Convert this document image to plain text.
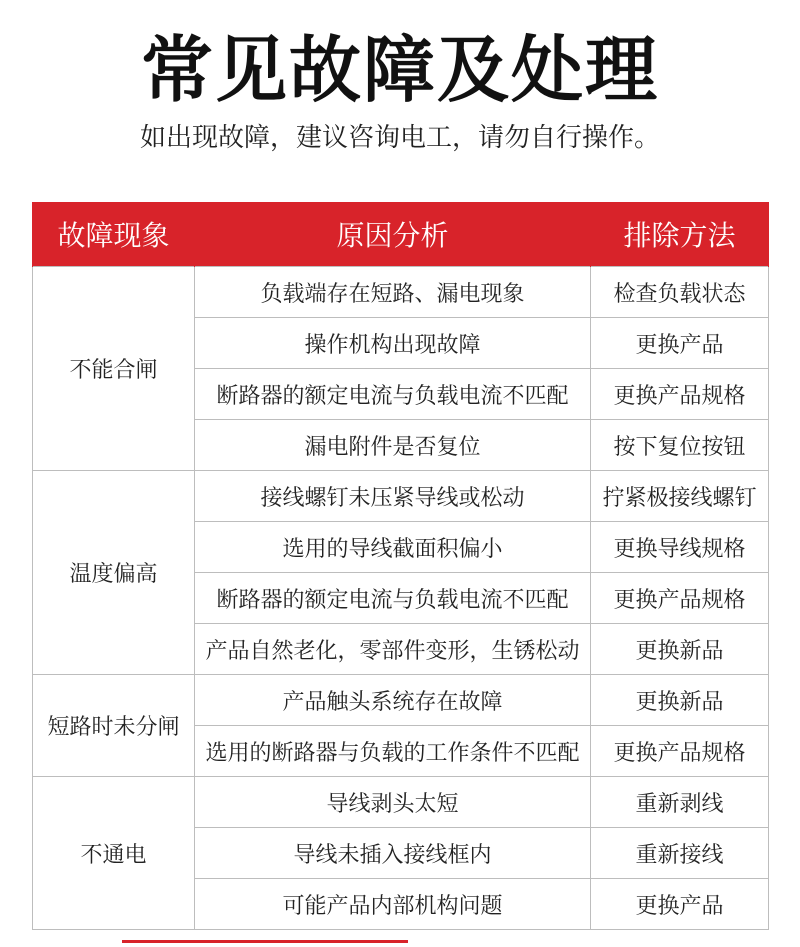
常见故障及处理
如出现故障，建议咨询电工，请勿自行操作。
故障现象	原因分析	排除方法
不能合闸	负载端存在短路、漏电现象	检查负载状态
	操作机构出现故障	更换产品
	断路器的额定电流与负载电流不匹配	更换产品规格
	漏电附件是否复位	按下复位按钮
温度偏高	接线螺钉未压紧导线或松动	拧紧极接线螺钉
	选用的导线截面积偏小	更换导线规格
	断路器的额定电流与负载电流不匹配	更换产品规格
	产品自然老化，零部件变形，生锈松动	更换新品
短路时未分闸	产品触头系统存在故障	更换新品
	选用的断路器与负载的工作条件不匹配	更换产品规格
不通电	导线剥头太短	重新剥线
	导线未插入接线框内	重新接线
	可能产品内部机构问题	更换产品
